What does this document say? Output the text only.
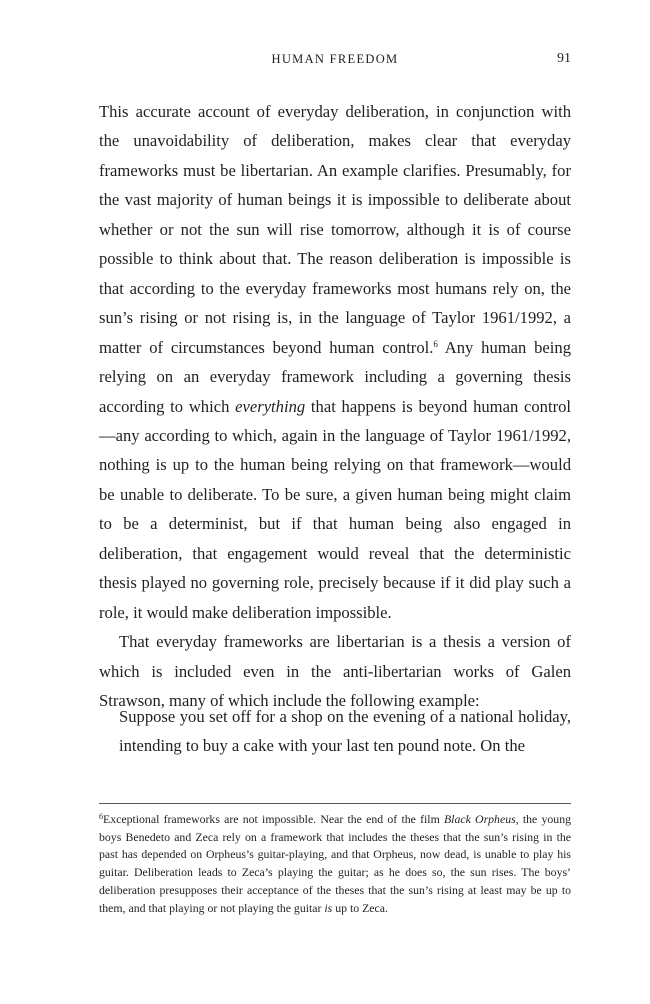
HUMAN FREEDOM	91

This accurate account of everyday deliberation, in conjunction with the unavoidability of deliberation, makes clear that everyday frameworks must be libertarian. An example clarifies. Presumably, for the vast majority of human beings it is impossible to deliberate about whether or not the sun will rise tomorrow, although it is of course possible to think about that. The reason deliberation is impossible is that according to the everyday frameworks most humans rely on, the sun’s rising or not rising is, in the language of Taylor 1961/1992, a matter of circumstances beyond human control.$^6$ Any human being relying on an everyday framework including a governing thesis according to which everything that happens is beyond human control—any according to which, again in the language of Taylor 1961/1992, nothing is up to the human being relying on that framework—would be unable to deliberate. To be sure, a given human being might claim to be a determinist, but if that human being also engaged in deliberation, that engagement would reveal that the deterministic thesis played no governing role, precisely because if it did play such a role, it would make deliberation impossible.

That everyday frameworks are libertarian is a thesis a version of which is included even in the anti-libertarian works of Galen Strawson, many of which include the following example:

Suppose you set off for a shop on the evening of a national holiday, intending to buy a cake with your last ten pound note. On the
$^6$Exceptional frameworks are not impossible. Near the end of the film Black Orpheus, the young boys Benedeto and Zeca rely on a framework that includes the theses that the sun’s rising in the past has depended on Orpheus’s guitar-playing, and that Orpheus, now dead, is unable to play his guitar. Deliberation leads to Zeca’s playing the guitar; as he does so, the sun rises. The boys’ deliberation presupposes their acceptance of the theses that the sun’s rising at least may be up to them, and that playing or not playing the guitar is up to Zeca.
